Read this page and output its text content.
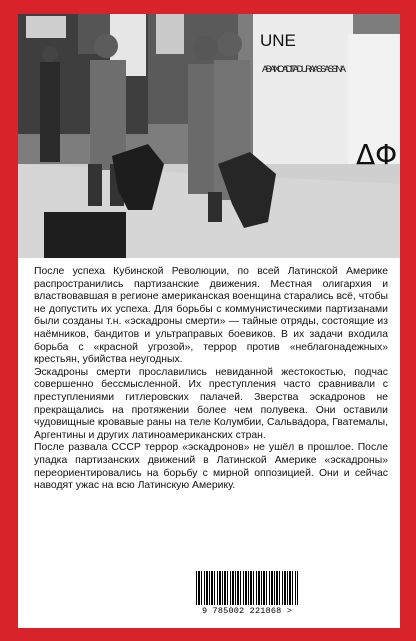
UNE
ABAIXO A DITADURA ASSASSINA
ΔΦ

После успеха Кубинской Революции, по всей Латинской Америке распространились партизанские движения. Местная олигархия и властвовавшая в регионе американская военщина старались всё, чтобы не допустить их успеха. Для борьбы с коммунистическими партизанами были созданы т.н. «эскадроны смерти» — тайные отряды, состоящие из наёмников, бандитов и ультраправых боевиков. В их задачи входила борьба с «красной угрозой», террор против «неблагонадежных» крестьян, убийства неугодных.

Эскадроны смерти прославились невиданной жестокостью, подчас совершенно бессмысленной. Их преступления часто сравнивали с преступлениями гитлеровских палачей. Зверства эскадронов не прекращались на протяжении более чем полувека. Они оставили чудовищные кровавые раны на теле Колумбии, Сальвадора, Гватемалы, Аргентины и других латиноамериканских стран.

После развала СССР террор «эскадронов» не ушёл в прошлое. После упадка партизанских движений в Латинской Америке «эскадроны» переориентировались на борьбу с мирной оппозицией. Они и сейчас наводят ужас на всю Латинскую Америку.

9 785002 221868 >
